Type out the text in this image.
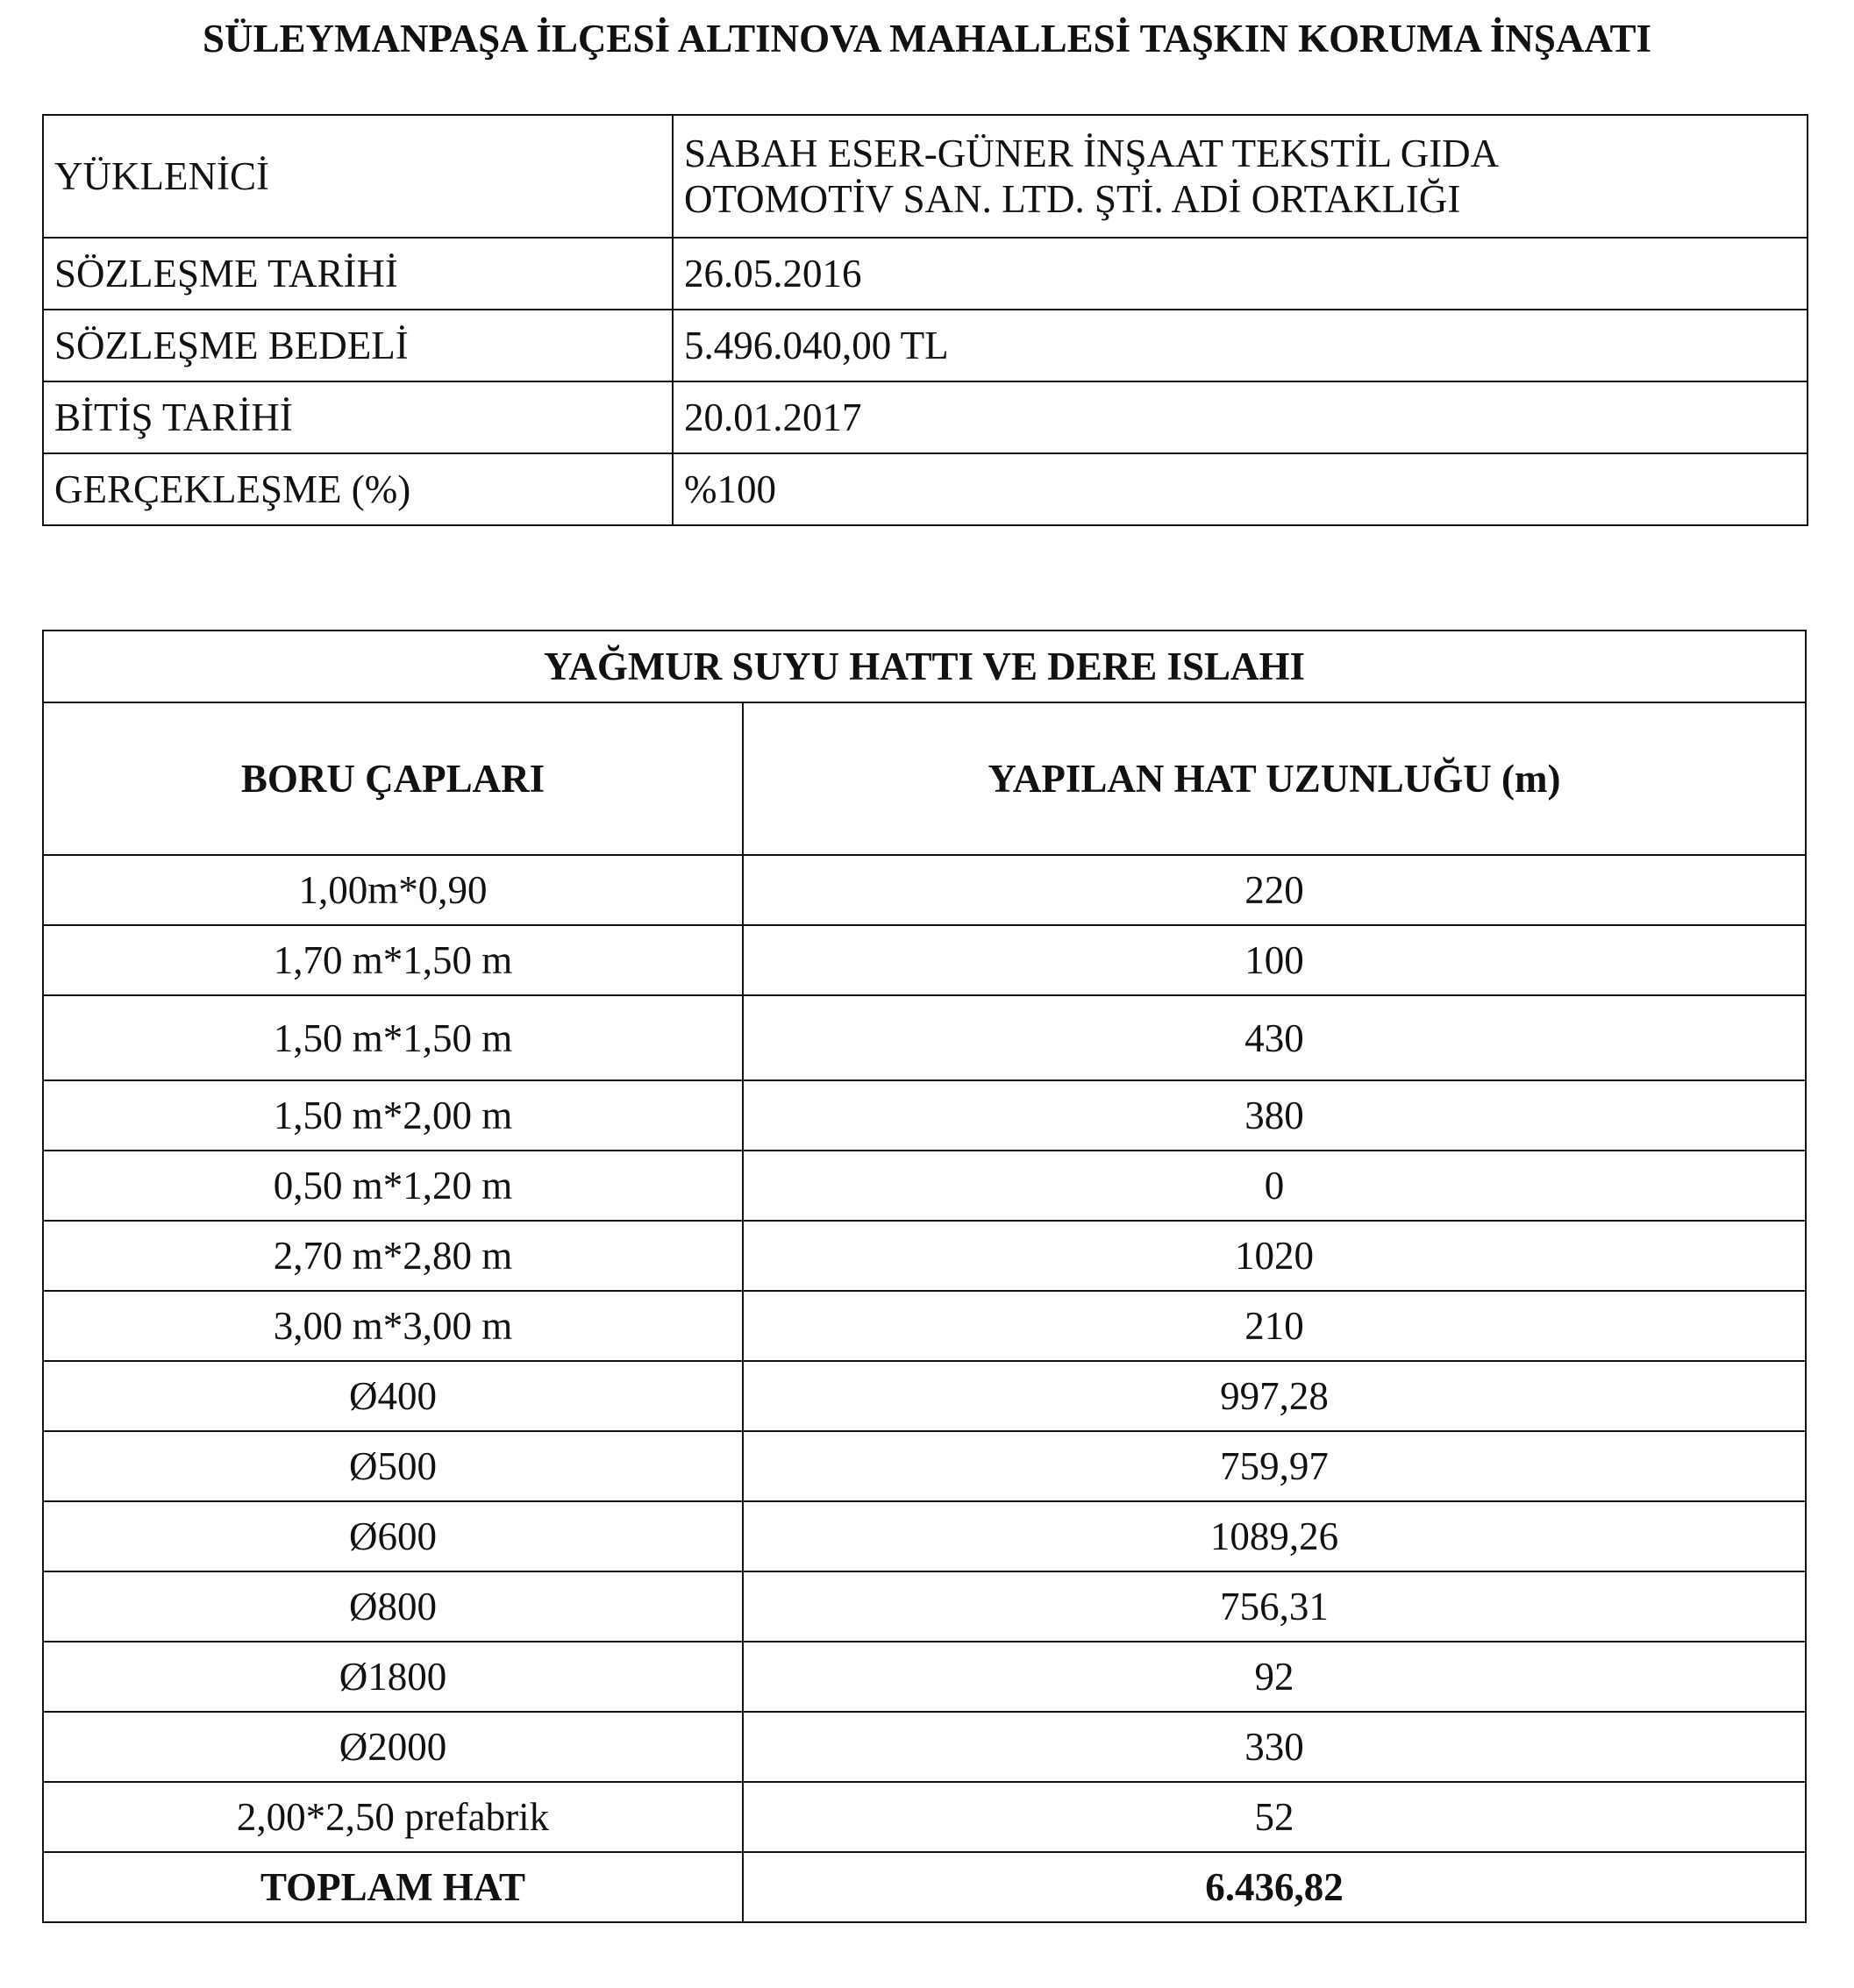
SÜLEYMANPAŞA İLÇESİ ALTINOVA MAHALLESİ TAŞKIN KORUMA İNŞAATI
YÜKLENİCİ	SABAH ESER-GÜNER İNŞAAT TEKSTİL GIDA
OTOMOTİV SAN. LTD. ŞTİ. ADİ ORTAKLIĞI
SÖZLEŞME TARİHİ	26.05.2016
SÖZLEŞME BEDELİ	5.496.040,00 TL
BİTİŞ TARİHİ	20.01.2017
GERÇEKLEŞME (%)	%100
YAĞMUR SUYU HATTI VE DERE ISLAHI	
BORU ÇAPLARI	YAPILAN HAT UZUNLUĞU (m)
1,00m*0,90	220
1,70 m*1,50 m	100
1,50 m*1,50 m	430
1,50 m*2,00 m	380
0,50 m*1,20 m	0
2,70 m*2,80 m	1020
3,00 m*3,00 m	210
Ø400	997,28
Ø500	759,97
Ø600	1089,26
Ø800	756,31
Ø1800	92
Ø2000	330
2,00*2,50 prefabrik	52
TOPLAM HAT	6.436,82
